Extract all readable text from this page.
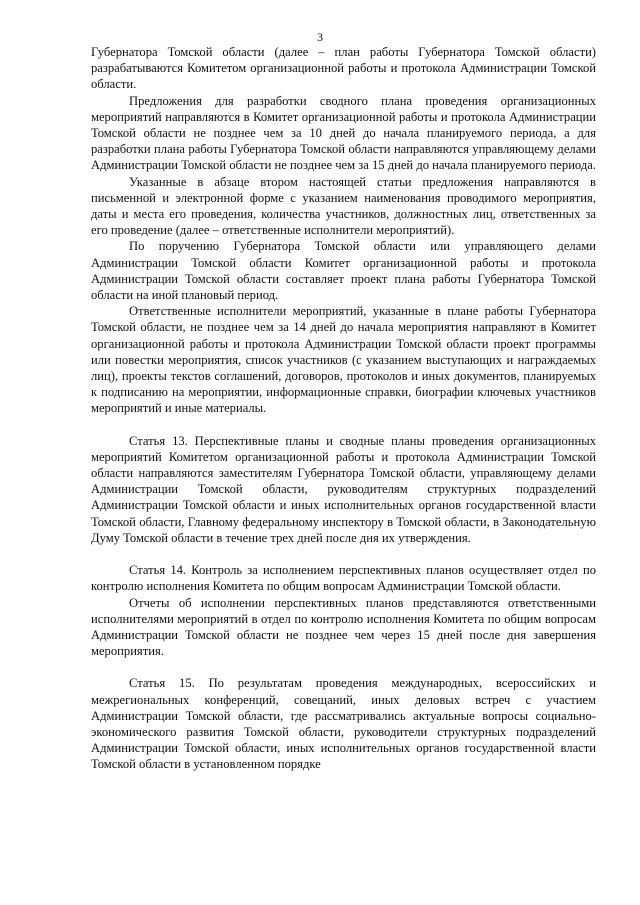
3

Губернатора Томской области (далее – план работы Губернатора Томской области) разрабатываются Комитетом организационной работы и протокола Администрации Томской области.

Предложения для разработки сводного плана проведения организационных мероприятий направляются в Комитет организационной работы и протокола Администрации Томской области не позднее чем за 10 дней до начала планируемого периода, а для разработки плана работы Губернатора Томской области направляются управляющему делами Администрации Томской области не позднее чем за 15 дней до начала планируемого периода.

Указанные в абзаце втором настоящей статьи предложения направляются в письменной и электронной форме с указанием наименования проводимого мероприятия, даты и места его проведения, количества участников, должностных лиц, ответственных за его проведение (далее – ответственные исполнители мероприятий).

По поручению Губернатора Томской области или управляющего делами Администрации Томской области Комитет организационной работы и протокола Администрации Томской области составляет проект плана работы Губернатора Томской области на иной плановый период.

Ответственные исполнители мероприятий, указанные в плане работы Губернатора Томской области, не позднее чем за 14 дней до начала мероприятия направляют в Комитет организационной работы и протокола Администрации Томской области проект программы или повестки мероприятия, список участников (с указанием выступающих и награждаемых лиц), проекты текстов соглашений, договоров, протоколов и иных документов, планируемых к подписанию на мероприятии, информационные справки, биографии ключевых участников мероприятий и иные материалы.

Статья 13. Перспективные планы и сводные планы проведения организационных мероприятий Комитетом организационной работы и протокола Администрации Томской области направляются заместителям Губернатора Томской области, управляющему делами Администрации Томской области, руководителям структурных подразделений Администрации Томской области и иных исполнительных органов государственной власти Томской области, Главному федеральному инспектору в Томской области, в Законодательную Думу Томской области в течение трех дней после дня их утверждения.

Статья 14. Контроль за исполнением перспективных планов осуществляет отдел по контролю исполнения Комитета по общим вопросам Администрации Томской области.

Отчеты об исполнении перспективных планов представляются ответственными исполнителями мероприятий в отдел по контролю исполнения Комитета по общим вопросам Администрации Томской области не позднее чем через 15 дней после дня завершения мероприятия.

Статья 15. По результатам проведения международных, всероссийских и межрегиональных конференций, совещаний, иных деловых встреч с участием Администрации Томской области, где рассматривались актуальные вопросы социально-экономического развития Томской области, руководители структурных подразделений Администрации Томской области, иных исполнительных органов государственной власти Томской области в установленном порядке
